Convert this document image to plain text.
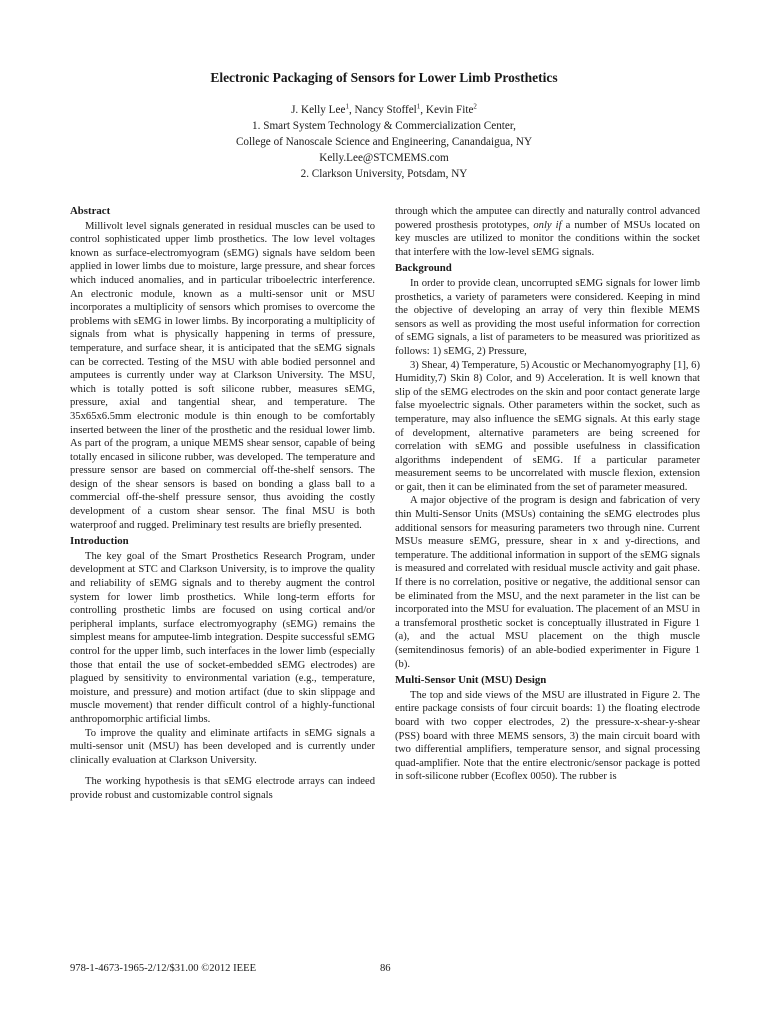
Electronic Packaging of Sensors for Lower Limb Prosthetics
J. Kelly Lee$^1$, Nancy Stoffel$^1$, Kevin Fite$^2$
1. Smart System Technology & Commercialization Center,
College of Nanoscale Science and Engineering, Canandaigua, NY
Kelly.Lee@STCMEMS.com
2. Clarkson University, Potsdam, NY
Abstract

Millivolt level signals generated in residual muscles can be used to control sophisticated upper limb prosthetics. The low level voltages known as surface-electromyogram (sEMG) signals have seldom been applied in lower limbs due to moisture, large pressure, and shear forces which induced anomalies, and in particular triboelectric interference. An electronic module, known as a multi-sensor unit or MSU incorporates a multiplicity of sensors which promises to overcome the problems with sEMG in lower limbs. By incorporating a multiplicity of signals from what is physically happening in terms of pressure, temperature, and surface shear, it is anticipated that the sEMG signals can be corrected. Testing of the MSU with able bodied personnel and amputees is currently under way at Clarkson University. The MSU, which is totally potted is soft silicone rubber, measures sEMG, pressure, axial and tangential shear, and temperature. The 35x65x6.5mm electronic module is thin enough to be comfortably inserted between the liner of the prosthetic and the residual lower limb. As part of the program, a unique MEMS shear sensor, capable of being totally encased in silicone rubber, was developed. The temperature and pressure sensor are based on commercial off-the-shelf sensors. The design of the shear sensors is based on bonding a glass ball to a commercial off-the-shelf pressure sensor, thus avoiding the costly development of a custom shear sensor. The final MSU is both waterproof and rugged. Preliminary test results are briefly presented.

Introduction

The key goal of the Smart Prosthetics Research Program, under development at STC and Clarkson University, is to improve the quality and reliability of sEMG signals and to thereby augment the control system for lower limb prosthetics. While long-term efforts for controlling prosthetic limbs are focused on using cortical and/or peripheral implants, surface electromyography (sEMG) remains the simplest means for amputee-limb integration. Despite successful sEMG control for the upper limb, such interfaces in the lower limb (especially those that entail the use of socket-embedded sEMG electrodes) are plagued by sensitivity to environmental variation (e.g., temperature, moisture, and pressure) and motion artifact (due to skin slippage and muscle movement) that render difficult control of a highly-functional anthropomorphic artificial limbs.

To improve the quality and eliminate artifacts in sEMG signals a multi-sensor unit (MSU) has been developed and is currently under clinically evaluation at Clarkson University.

The working hypothesis is that sEMG electrode arrays can indeed provide robust and customizable control signals

through which the amputee can directly and naturally control advanced powered prosthesis prototypes, only if a number of MSUs located on key muscles are utilized to monitor the conditions within the socket that interfere with the low-level sEMG signals.

Background

In order to provide clean, uncorrupted sEMG signals for lower limb prosthetics, a variety of parameters were considered. Keeping in mind the objective of developing an array of very thin flexible MEMS sensors as well as providing the most useful information for correction of sEMG signals, a list of parameters to be measured was prioritized as follows: 1) sEMG, 2) Pressure,

3) Shear, 4) Temperature, 5) Acoustic or Mechanomyography [1], 6) Humidity,7) Skin 8) Color, and 9) Acceleration. It is well known that slip of the sEMG electrodes on the skin and poor contact generate large false myoelectric signals. Other parameters within the socket, such as temperature, may also influence the sEMG signals. At this early stage of development, alternative parameters are being screened for correlation with sEMG and possible usefulness in classification algorithms independent of sEMG. If a particular parameter measurement seems to be uncorrelated with muscle flexion, extension or gait, then it can be eliminated from the set of parameter measured.

A major objective of the program is design and fabrication of very thin Multi-Sensor Units (MSUs) containing the sEMG electrodes plus additional sensors for measuring parameters two through nine. Current MSUs measure sEMG, pressure, shear in x and y-directions, and temperature. The additional information in support of the sEMG signals is measured and correlated with residual muscle activity and gait phase. If there is no correlation, positive or negative, the additional sensor can be eliminated from the MSU, and the next parameter in the list can be incorporated into the MSU for evaluation. The placement of an MSU in a transfemoral prosthetic socket is conceptually illustrated in Figure 1 (a), and the actual MSU placement on the thigh muscle (semitendinosus femoris) of an able-bodied experimenter in Figure 1 (b).

Multi-Sensor Unit (MSU) Design

The top and side views of the MSU are illustrated in Figure 2. The entire package consists of four circuit boards: 1) the floating electrode board with two copper electrodes, 2) the pressure-x-shear-y-shear (PSS) board with three MEMS sensors, 3) the main circuit board with two differential amplifiers, temperature sensor, and signal processing quad-amplifier. Note that the entire electronic/sensor package is potted in soft-silicone rubber (Ecoflex 0050). The rubber is

978-1-4673-1965-2/12/$31.00 ©2012 IEEE	86
